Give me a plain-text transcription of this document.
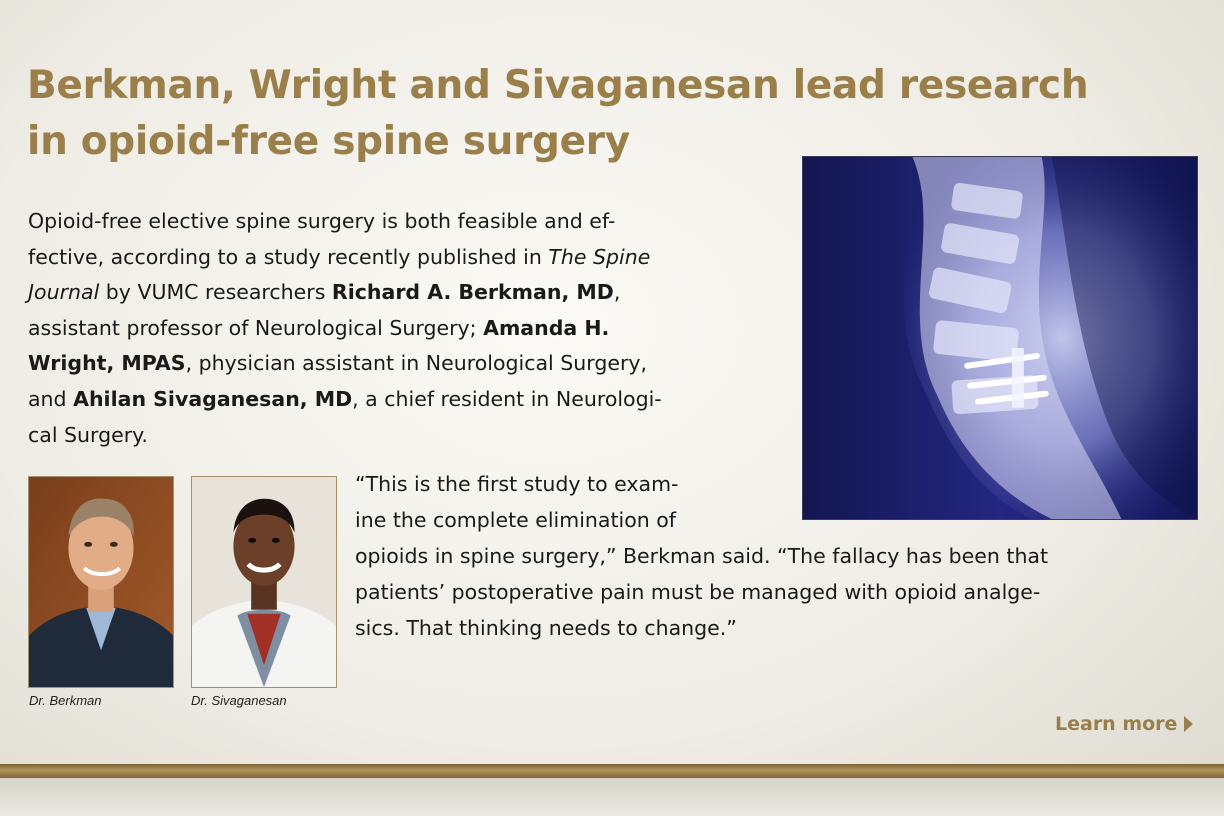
Berkman, Wright and Sivaganesan lead research
in opioid-free spine surgery
Opioid-free elective spine surgery is both feasible and ef-
fective, according to a study recently published in The Spine
Journal by VUMC researchers Richard A. Berkman, MD,
assistant professor of Neurological Surgery; Amanda H.
Wright, MPAS, physician assistant in Neurological Surgery,
and Ahilan Sivaganesan, MD, a chief resident in Neurologi-
cal Surgery.
Dr. Berkman	Dr. Sivaganesan
“This is the first study to exam-
ine the complete elimination of
opioids in spine surgery,” Berkman said. “The fallacy has been that
patients’ postoperative pain must be managed with opioid analge-
sics. That thinking needs to change.”
Learn more
